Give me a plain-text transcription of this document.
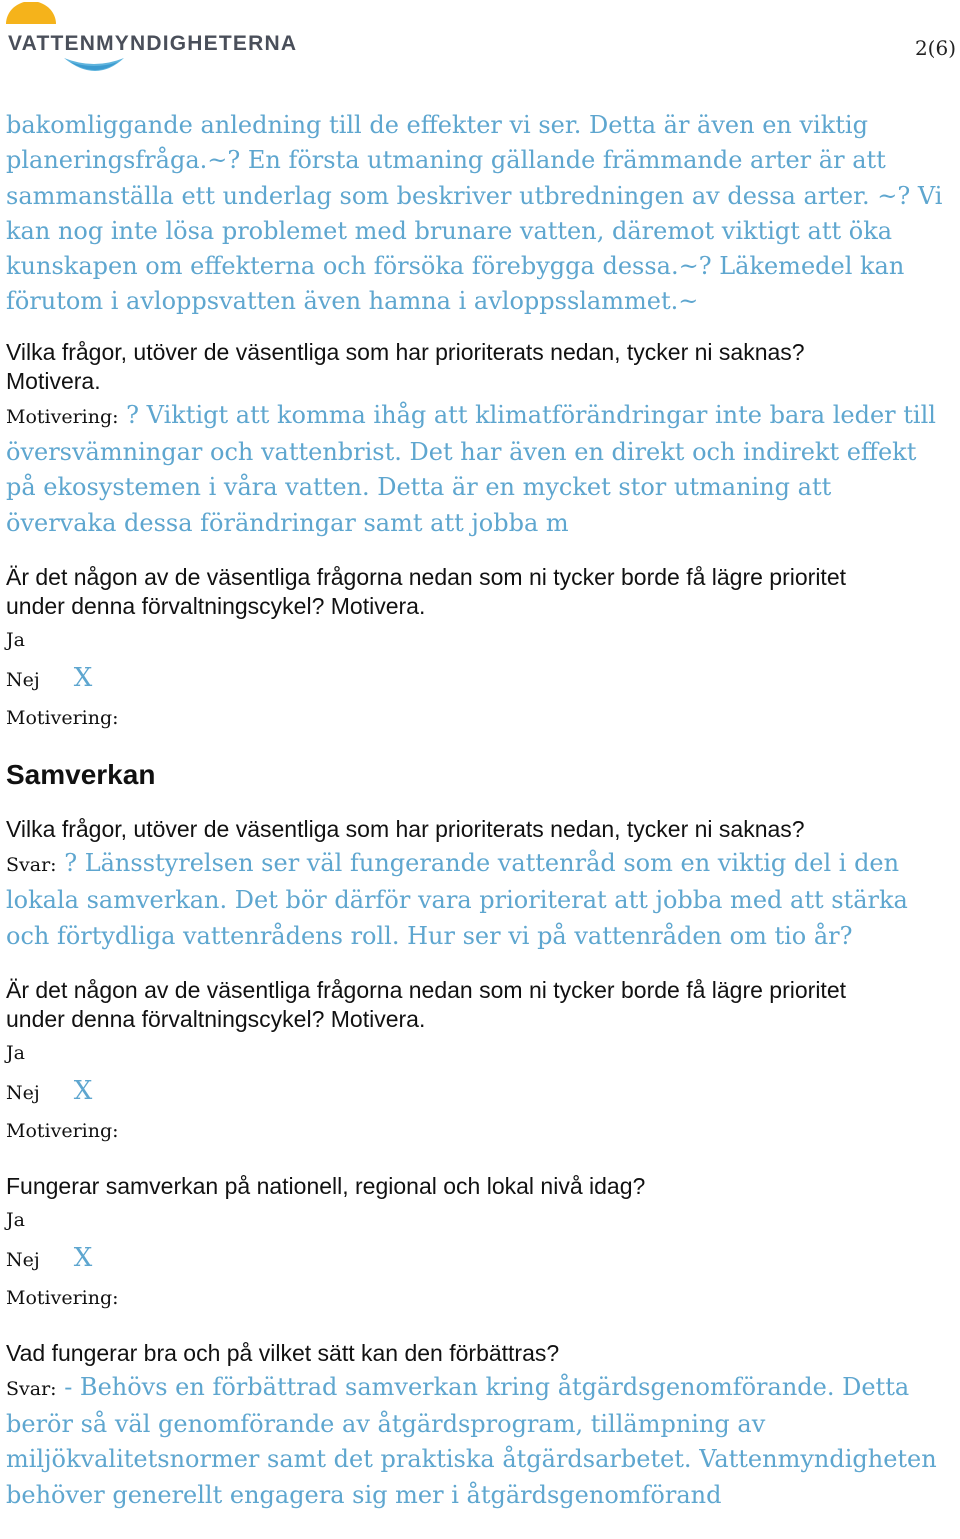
VATTENMYNDIGHETERNA	2(6)

bakomliggande anledning till de effekter vi ser. Detta är även en viktig

planeringsfråga.~? En första utmaning gällande främmande arter är att

sammanställa ett underlag som beskriver utbredningen av dessa arter. ~? Vi

kan nog inte lösa problemet med brunare vatten, däremot viktigt att öka

kunskapen om effekterna och försöka förebygga dessa.~? Läkemedel kan

förutom i avloppsvatten även hamna i avloppsslammet.~

Vilka frågor, utöver de väsentliga som har prioriterats nedan, tycker ni saknas?

Motivera.

Motivering: ? Viktigt att komma ihåg att klimatförändringar inte bara leder till

översvämningar och vattenbrist. Det har även en direkt och indirekt effekt

på ekosystemen i våra vatten. Detta är en mycket stor utmaning att

övervaka dessa förändringar samt att jobba m

Är det någon av de väsentliga frågorna nedan som ni tycker borde få lägre prioritet

under denna förvaltningscykel? Motivera.

Ja

Nej X

Motivering:

Samverkan

Vilka frågor, utöver de väsentliga som har prioriterats nedan, tycker ni saknas?

Svar: ? Länsstyrelsen ser väl fungerande vattenråd som en viktig del i den

lokala samverkan. Det bör därför vara prioriterat att jobba med att stärka

och förtydliga vattenrådens roll. Hur ser vi på vattenråden om tio år?

Är det någon av de väsentliga frågorna nedan som ni tycker borde få lägre prioritet

under denna förvaltningscykel? Motivera.

Ja

Nej X

Motivering:

Fungerar samverkan på nationell, regional och lokal nivå idag?

Ja

Nej X

Motivering:

Vad fungerar bra och på vilket sätt kan den förbättras?

Svar: - Behövs en förbättrad samverkan kring åtgärdsgenomförande. Detta

berör så väl genomförande av åtgärdsprogram, tillämpning av

miljökvalitetsnormer samt det praktiska åtgärdsarbetet. Vattenmyndigheten

behöver generellt engagera sig mer i åtgärdsgenomförand
